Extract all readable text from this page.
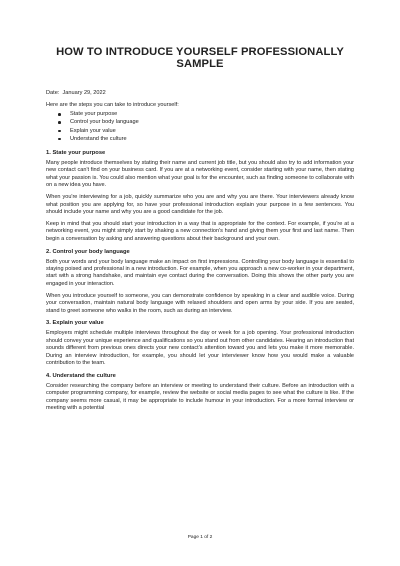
HOW TO INTRODUCE YOURSELF PROFESSIONALLY SAMPLE
Date: January 29, 2022
Here are the steps you can take to introduce yourself:
State your purpose
Control your body language
Explain your value
Understand the culture
1. State your purpose

Many people introduce themselves by stating their name and current job title, but you should also try to add information your new contact can't find on your business card. If you are at a networking event, consider starting with your name, then stating what your passion is. You could also mention what your goal is for the encounter, such as finding someone to collaborate with on a new idea you have.

When you're interviewing for a job, quickly summarize who you are and why you are there. Your interviewers already know what position you are applying for, so have your professional introduction explain your purpose in a few sentences. You should include your name and why you are a good candidate for the job.

Keep in mind that you should start your introduction in a way that is appropriate for the context. For example, if you're at a networking event, you might simply start by shaking a new connection's hand and giving them your first and last name. Then begin a conversation by asking and answering questions about their background and your own.

2. Control your body language

Both your words and your body language make an impact on first impressions. Controlling your body language is essential to staying poised and professional in a new introduction. For example, when you approach a new co-worker in your department, start with a strong handshake, and maintain eye contact during the conversation. Doing this shows the other party you are engaged in your interaction.

When you introduce yourself to someone, you can demonstrate confidence by speaking in a clear and audible voice. During your conversation, maintain natural body language with relaxed shoulders and open arms by your side. If you are seated, stand to greet someone who walks in the room, such as during an interview.

3. Explain your value

Employers might schedule multiple interviews throughout the day or week for a job opening. Your professional introduction should convey your unique experience and qualifications so you stand out from other candidates. Hearing an introduction that sounds different from previous ones directs your new contact's attention toward you and lets you make it more memorable. During an interview introduction, for example, you should let your interviewer know how you would make a valuable contribution to the team.

4. Understand the culture

Consider researching the company before an interview or meeting to understand their culture. Before an introduction with a computer programming company, for example, review the website or social media pages to see what the culture is like. If the company seems more casual, it may be appropriate to include humour in your introduction. For a more formal interview or meeting with a potential

Page 1 of 2
